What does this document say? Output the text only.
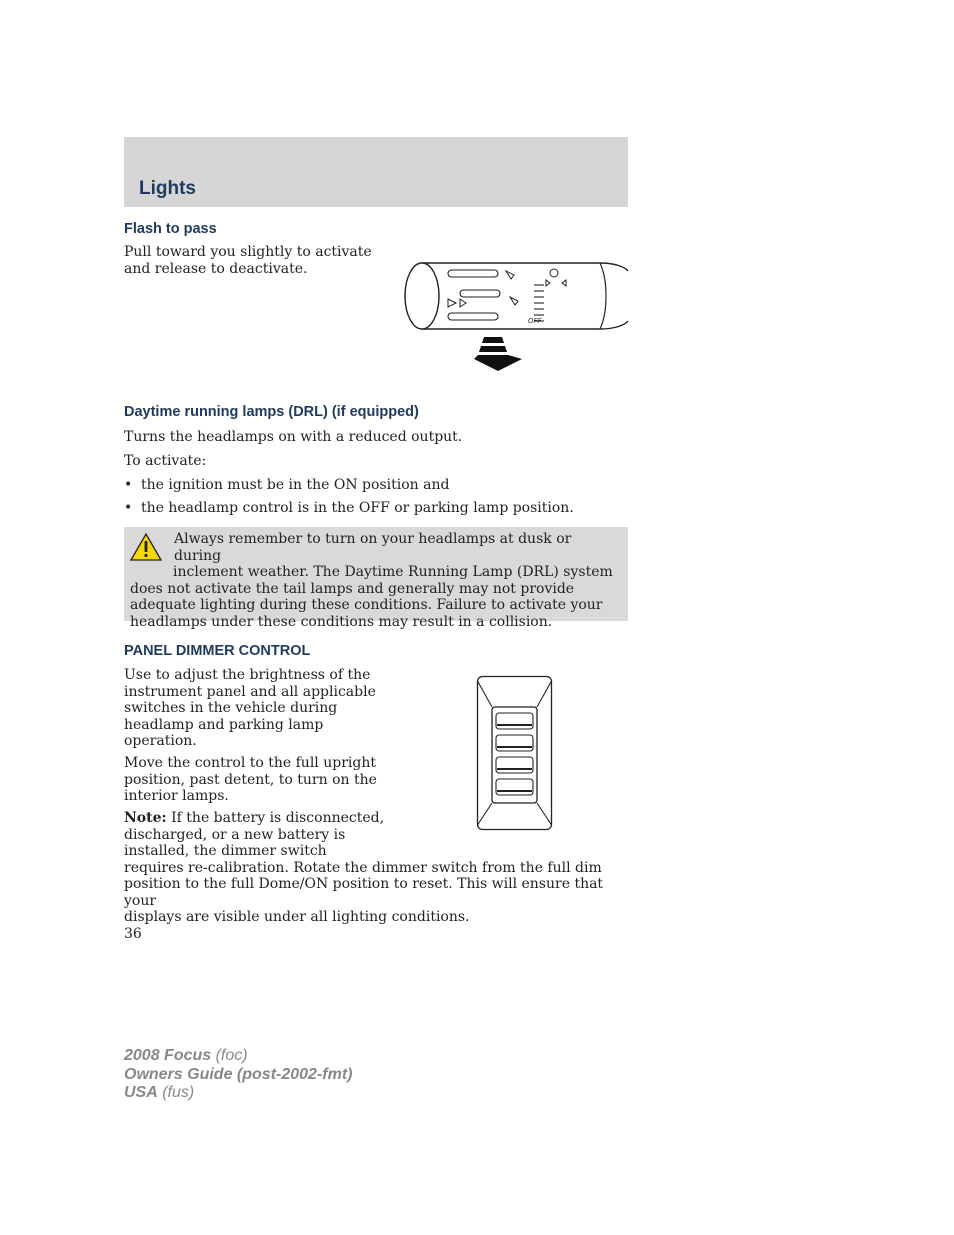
Lights
Flash to pass
Pull toward you slightly to activate
and release to deactivate.
OFF
Daytime running lamps (DRL) (if equipped)
Turns the headlamps on with a reduced output.
To activate:
• the ignition must be in the ON position and
• the headlamp control is in the OFF or parking lamp position.
Always remember to turn on your headlamps at dusk or during
inclement weather. The Daytime Running Lamp (DRL) system
does not activate the tail lamps and generally may not provide
adequate lighting during these conditions. Failure to activate your
headlamps under these conditions may result in a collision.
PANEL DIMMER CONTROL
Use to adjust the brightness of the
instrument panel and all applicable
switches in the vehicle during
headlamp and parking lamp
operation.
Move the control to the full upright
position, past detent, to turn on the
interior lamps.
Note: If the battery is disconnected,
discharged, or a new battery is
installed, the dimmer switch
requires re-calibration. Rotate the dimmer switch from the full dim
position to the full Dome/ON position to reset. This will ensure that your
displays are visible under all lighting conditions.
36
2008 Focus (foc)
Owners Guide (post-2002-fmt)
USA (fus)
